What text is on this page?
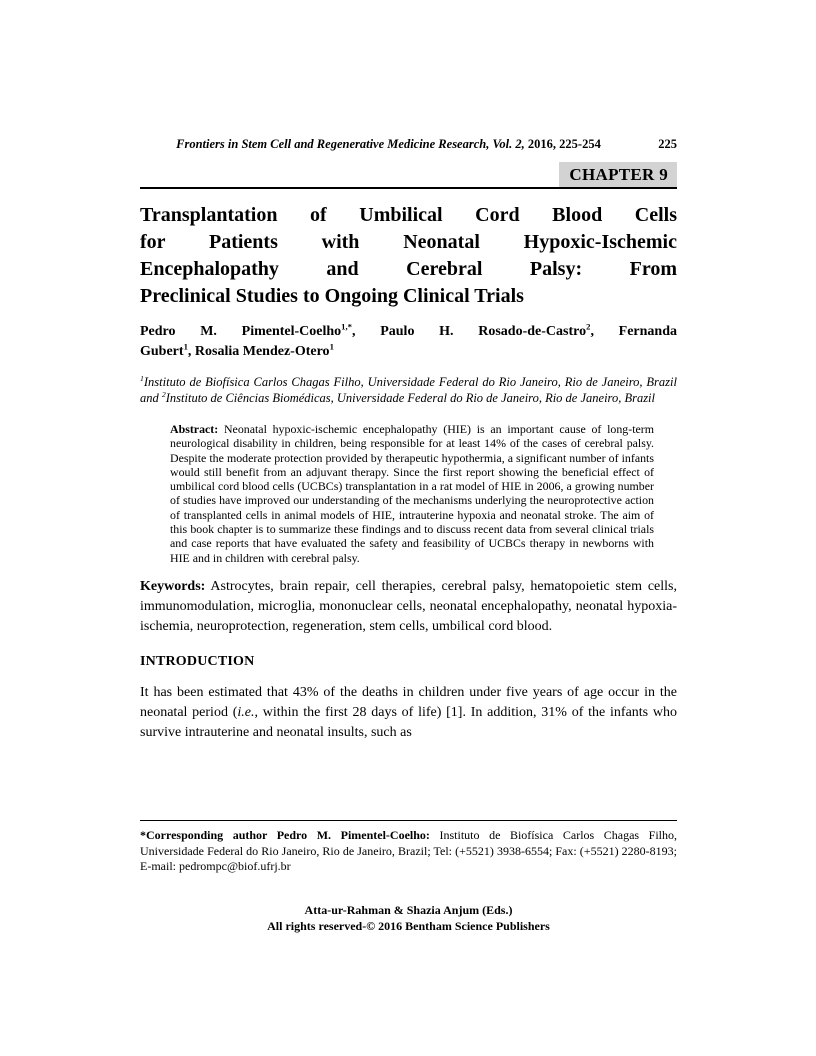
Frontiers in Stem Cell and Regenerative Medicine Research, Vol. 2, 2016, 225-254	225
CHAPTER 9
Transplantation of Umbilical Cord Blood Cells
for Patients with Neonatal Hypoxic-Ischemic
Encephalopathy and Cerebral Palsy: From
Preclinical Studies to Ongoing Clinical Trials
Pedro M. Pimentel-Coelho$^{1,*}$, Paulo H. Rosado-de-Castro$^2$, Fernanda
Gubert$^1$, Rosalia Mendez-Otero$^1$
$^1$Instituto de Biofísica Carlos Chagas Filho, Universidade Federal do Rio Janeiro, Rio de Janeiro, Brazil and $^2$Instituto de Ciências Biomédicas, Universidade Federal do Rio de Janeiro, Rio de Janeiro, Brazil
Abstract: Neonatal hypoxic-ischemic encephalopathy (HIE) is an important cause of long-term neurological disability in children, being responsible for at least 14% of the cases of cerebral palsy. Despite the moderate protection provided by therapeutic hypothermia, a significant number of infants would still benefit from an adjuvant therapy. Since the first report showing the beneficial effect of umbilical cord blood cells (UCBCs) transplantation in a rat model of HIE in 2006, a growing number of studies have improved our understanding of the mechanisms underlying the neuroprotective action of transplanted cells in animal models of HIE, intrauterine hypoxia and neonatal stroke. The aim of this book chapter is to summarize these findings and to discuss recent data from several clinical trials and case reports that have evaluated the safety and feasibility of UCBCs therapy in newborns with HIE and in children with cerebral palsy.
Keywords: Astrocytes, brain repair, cell therapies, cerebral palsy, hematopoietic stem cells, immunomodulation, microglia, mononuclear cells, neonatal encephalopathy, neonatal hypoxia-ischemia, neuroprotection, regeneration, stem cells, umbilical cord blood.
INTRODUCTION
It has been estimated that 43% of the deaths in children under five years of age occur in the neonatal period (i.e., within the first 28 days of life) [1]. In addition, 31% of the infants who survive intrauterine and neonatal insults, such as
*Corresponding author Pedro M. Pimentel-Coelho: Instituto de Biofísica Carlos Chagas Filho, Universidade Federal do Rio Janeiro, Rio de Janeiro, Brazil; Tel: (+5521) 3938-6554; Fax: (+5521) 2280-8193; E-mail: pedrompc@biof.ufrj.br
Atta-ur-Rahman & Shazia Anjum (Eds.)
All rights reserved-© 2016 Bentham Science Publishers
